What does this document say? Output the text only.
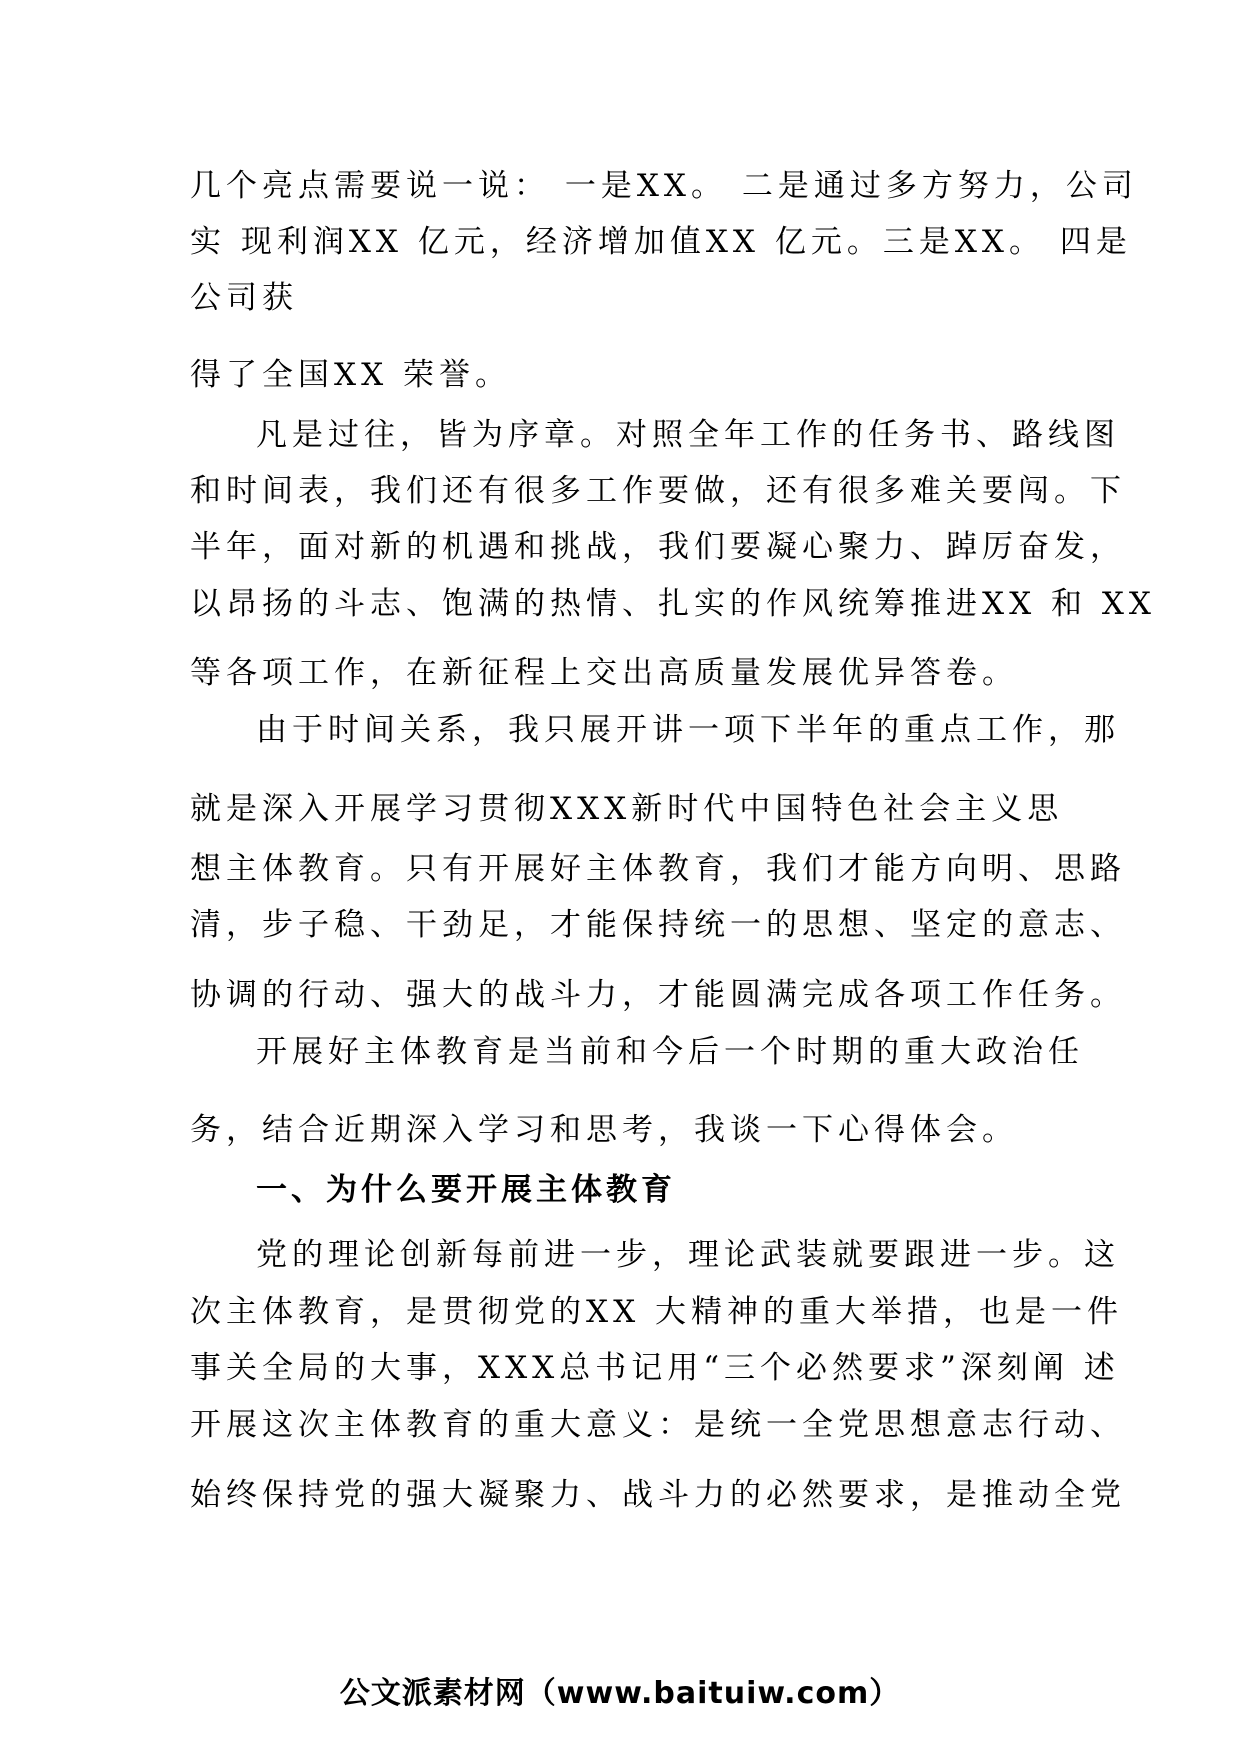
几个亮点需要说一说： 一是XX。 二是通过多方努力，公司
实 现利润XX 亿元，经济增加值XX 亿元。三是XX。 四是
公司获
得了全国XX 荣誉。
凡是过往，皆为序章。对照全年工作的任务书、路线图
和时间表，我们还有很多工作要做，还有很多难关要闯。下
半年，面对新的机遇和挑战，我们要凝心聚力、踔厉奋发，
以昂扬的斗志、饱满的热情、扎实的作风统筹推进XX 和 XX
等各项工作，在新征程上交出高质量发展优异答卷。
由于时间关系，我只展开讲一项下半年的重点工作，那
就是深入开展学习贯彻XXX新时代中国特色社会主义思
想主体教育。只有开展好主体教育，我们才能方向明、思路
清，步子稳、干劲足，才能保持统一的思想、坚定的意志、
协调的行动、强大的战斗力，才能圆满完成各项工作任务。
开展好主体教育是当前和今后一个时期的重大政治任
务，结合近期深入学习和思考，我谈一下心得体会。
一、为什么要开展主体教育
党的理论创新每前进一步，理论武装就要跟进一步。这
次主体教育，是贯彻党的XX 大精神的重大举措，也是一件
事关全局的大事，XXX总书记用“三个必然要求”深刻阐 述
开展这次主体教育的重大意义：是统一全党思想意志行动、
始终保持党的强大凝聚力、战斗力的必然要求，是推动全党
公文派素材网（www.baituiw.com）
